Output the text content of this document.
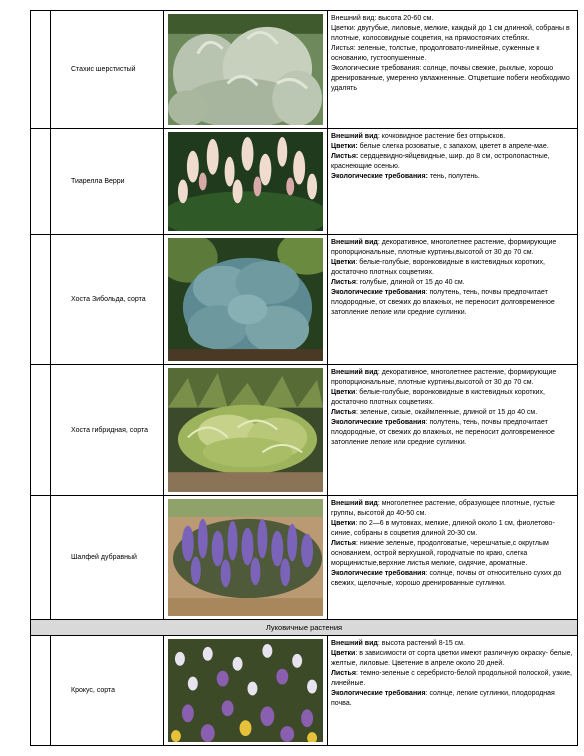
Стахис шерстистый

Внешний вид: высота 20-60 см.

Цветки: двугубые, лиловые, мелкие, каждый до 1 см длинной, собраны в плотные, колосовидные соцветия, на прямостоячих стеблях.

Листья: зеленые, толстые, продолговато-линейные, суженные к основанию, густоопушенные.

Экологические требования: солнце, почвы свежие, рыхлые, хорошо дренированные, умеренно увлажненные. Отцветшие побеги необходимо удалять

Тиарелла Верри

Внешний вид: кочковидное растение без отпрысков.

Цветки: белые слегка розоватые, с запахом, цветет в апреле-мае.

Листья: сердцевидно-яйцевидные, шир. до 8 см, остролопастные, краснеющие осенью.

Экологические требования: тень, полутень.

Хоста Зибольда, сорта

Внешний вид: декоративное, многолетнее растение, формирующие пропорциональные, плотные куртины,высотой от 30 до 70 см.

Цветки: белые-голубые, воронковидные в кистевидных коротких, достаточно плотных соцветиях.

Листья: голубые, длиной от 15 до 40 см.

Экологические требования: полутень, тень, почвы предпочитает плодородные, от свежих до влажных, не переносит долговременное затопление легкие или средние суглинки.

Хоста гибридная, сорта

Внешний вид: декоративное, многолетнее растение, формирующие пропорциональные, плотные куртины,высотой от 30 до 70 см.

Цветки: белые-голубые, воронковидные в кистевидных коротких, достаточно плотных соцветиях.

Листья: зеленые, сизые, окаймленные, длиной от 15 до 40 см.

Экологические требования: полутень, тень, почвы предпочитает плодородные, от свежих до влажных, не переносит долговременное затопление легкие или средние суглинки.

Шалфей дубравный

Внешний вид: многолетнее растение, образующее плотные, густые группы, высотой до 40-50 см.

Цветки: по 2—6 в мутовках, мелкие, длиной около 1 см, фиолетово-синие, собраны в соцветия длиной 20-30 см.

Листья: нижние зеленые, продолговатые, черешчатые,с округлым основанием, острой верхушкой, городчатые по краю, слегка морщинистые,верхние листья мелкие, сидячие, ароматные.

Экологические требования: солнце, почвы от относительно сухих до свежих, щелочные, хорошо дренированные суглинки.

Луковичные растения
Крокус, сорта

Внешний вид: высота растений 8-15 см.

Цветки: в зависимости от сорта цветки имеют различную окраску- белые, желтые, лиловые. Цветение в апреле около 20 дней.

Листья: темно-зеленые с серебристо-белой продольной полоской, узкие, линейные.

Экологические требования: солнце, легкие суглинки, плодородная почва.
